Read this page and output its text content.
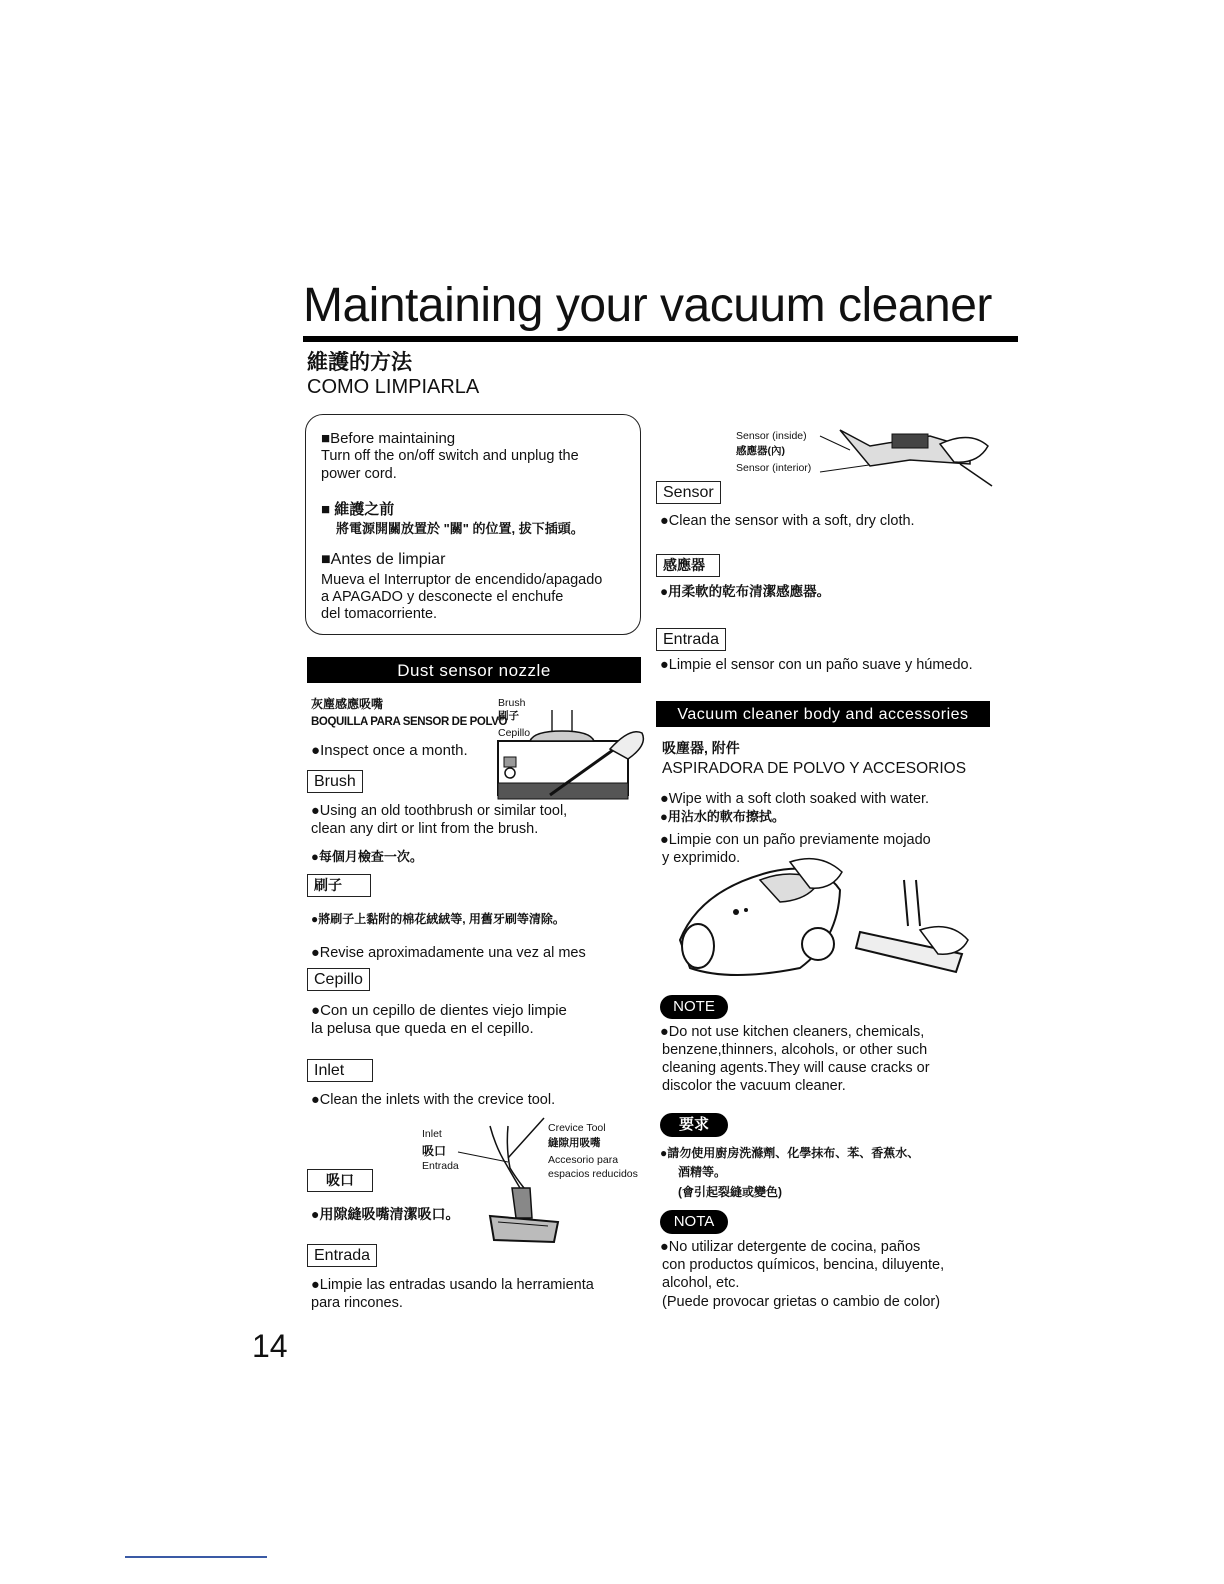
Maintaining your vacuum cleaner
維護的方法
COMO LIMPIARLA
■ Before maintaining
Turn off the on/off switch and unplug the
power cord.
■ 維護之前
將電源開關放置於 "關" 的位置, 拔下插頭。
■ Antes de limpiar
Mueva el Interruptor de encendido/apagado
a APAGADO y desconecte el enchufe
del tomacorriente.
Dust sensor nozzle
灰塵感應吸嘴
BOQUILLA PARA SENSOR DE POLVO
● Inspect once a month.
Brush
刷子
Cepillo
Brush
● Using an old toothbrush or similar tool,
clean any dirt or lint from the brush.
● 每個月檢查一次。
刷子
● 將刷子上黏附的棉花絨絨等, 用舊牙刷等清除。
● Revise aproximadamente una vez al mes
Cepillo
● Con un cepillo de dientes viejo limpie
la pelusa que queda en el cepillo.
Inlet
● Clean the inlets with the crevice tool.
Inlet
吸口
Entrada
Crevice Tool
縫隙用吸嘴
Accesorio para
espacios reducidos
吸口
● 用隙縫吸嘴清潔吸口。
Entrada
● Limpie las entradas usando la herramienta
para rincones.
Sensor (inside)
感應器(內)
Sensor (interior)
Sensor
● Clean the sensor with a soft, dry cloth.
感應器
● 用柔軟的乾布清潔感應器。
Entrada
● Limpie el sensor con un paño suave y húmedo.
Vacuum cleaner body and accessories
吸塵器, 附件
ASPIRADORA DE POLVO Y ACCESORIOS
● Wipe with a soft cloth soaked with water.
● 用沾水的軟布擦拭。
● Limpie con un paño previamente mojado
y exprimido.
NOTE
● Do not use kitchen cleaners, chemicals,
benzene,thinners, alcohols, or other such
cleaning agents.They will cause cracks or
discolor the vacuum cleaner.
要求
● 請勿使用廚房洗滌劑、化學抹布、苯、香蕉水、
酒精等。
(會引起裂縫或變色)
NOTA
● No utilizar detergente de cocina, paños
con productos químicos, bencina, diluyente,
alcohol, etc.
(Puede provocar grietas o cambio de color)
14
